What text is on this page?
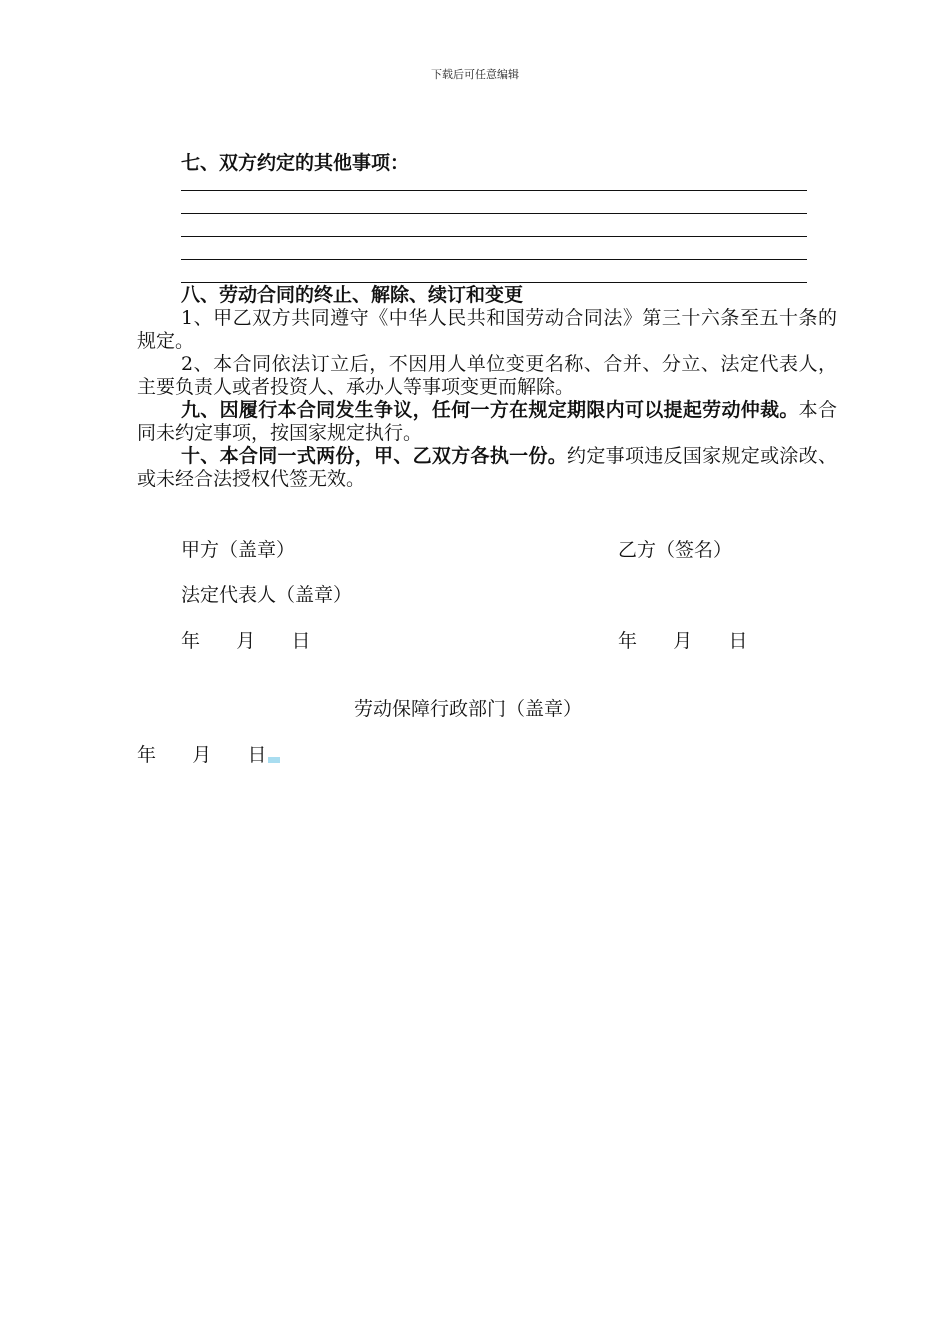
下载后可任意编辑
七、双方约定的其他事项：

八、劳动合同的终止、解除、续订和变更

1、甲乙双方共同遵守《中华人民共和国劳动合同法》第三十六条至五十条的规定。

2、本合同依法订立后，不因用人单位变更名称、合并、分立、法定代表人，主要负责人或者投资人、承办人等事项变更而解除。

九、因履行本合同发生争议，任何一方在规定期限内可以提起劳动仲裁。本合同未约定事项，按国家规定执行。

十、本合同一式两份，甲、乙双方各执一份。约定事项违反国家规定或涂改、或未经合法授权代签无效。

甲方（盖章）	乙方（签名）
法定代表人（盖章）
年      月      日	年      月      日
劳动保障行政部门（盖章）
年      月      日
